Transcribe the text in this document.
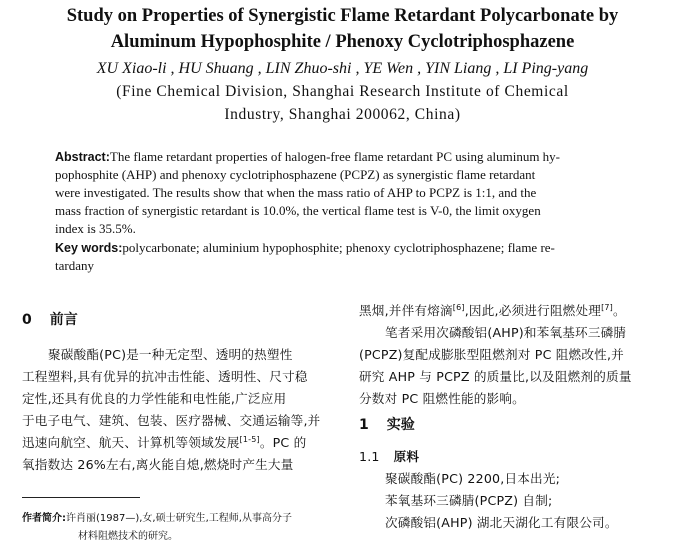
Study on Properties of Synergistic Flame Retardant Polycarbonate by
Aluminum Hypophosphite / Phenoxy Cyclotriphosphazene
XU Xiao-li , HU Shuang , LIN Zhuo-shi , YE Wen , YIN Liang , LI Ping-yang
(Fine Chemical Division, Shanghai Research Institute of Chemical
Industry, Shanghai 200062, China)
Abstract:The flame retardant properties of halogen-free flame retardant PC using aluminum hy-
pophosphite (AHP) and phenoxy cyclotriphosphazene (PCPZ) as synergistic flame retardant
were investigated. The results show that when the mass ratio of AHP to PCPZ is 1:1, and the
mass fraction of synergistic retardant is 10.0%, the vertical flame test is V-0, the limit oxygen
index is 35.5%.
Key words:polycarbonate; aluminium hypophosphite; phenoxy cyclotriphosphazene; flame re-
tardany
0 前言
聚碳酸酯(PC)是一种无定型、透明的热塑性
工程塑料,具有优异的抗冲击性能、透明性、尺寸稳
定性,还具有优良的力学性能和电性能,广泛应用
于电子电气、建筑、包装、医疗器械、交通运输等,并
迅速向航空、航天、计算机等领域发展[1-5]。PC 的
氧指数达 26%左右,离火能自熄,燃烧时产生大量
作者简介:许肖丽(1987—),女,硕士研究生,工程师,从事高分子
材料阻燃技术的研究。
黑烟,并伴有熔滴[6],因此,必须进行阻燃处理[7]。
笔者采用次磷酸铝(AHP)和苯氧基环三磷腈
(PCPZ)复配成膨胀型阻燃剂对 PC 阻燃改性,并
研究 AHP 与 PCPZ 的质量比,以及阻燃剂的质量
分数对 PC 阻燃性能的影响。
1 实验
1.1 原料
聚碳酸酯(PC) 2200,日本出光;
苯氧基环三磷腈(PCPZ) 自制;
次磷酸铝(AHP) 湖北天湖化工有限公司。
